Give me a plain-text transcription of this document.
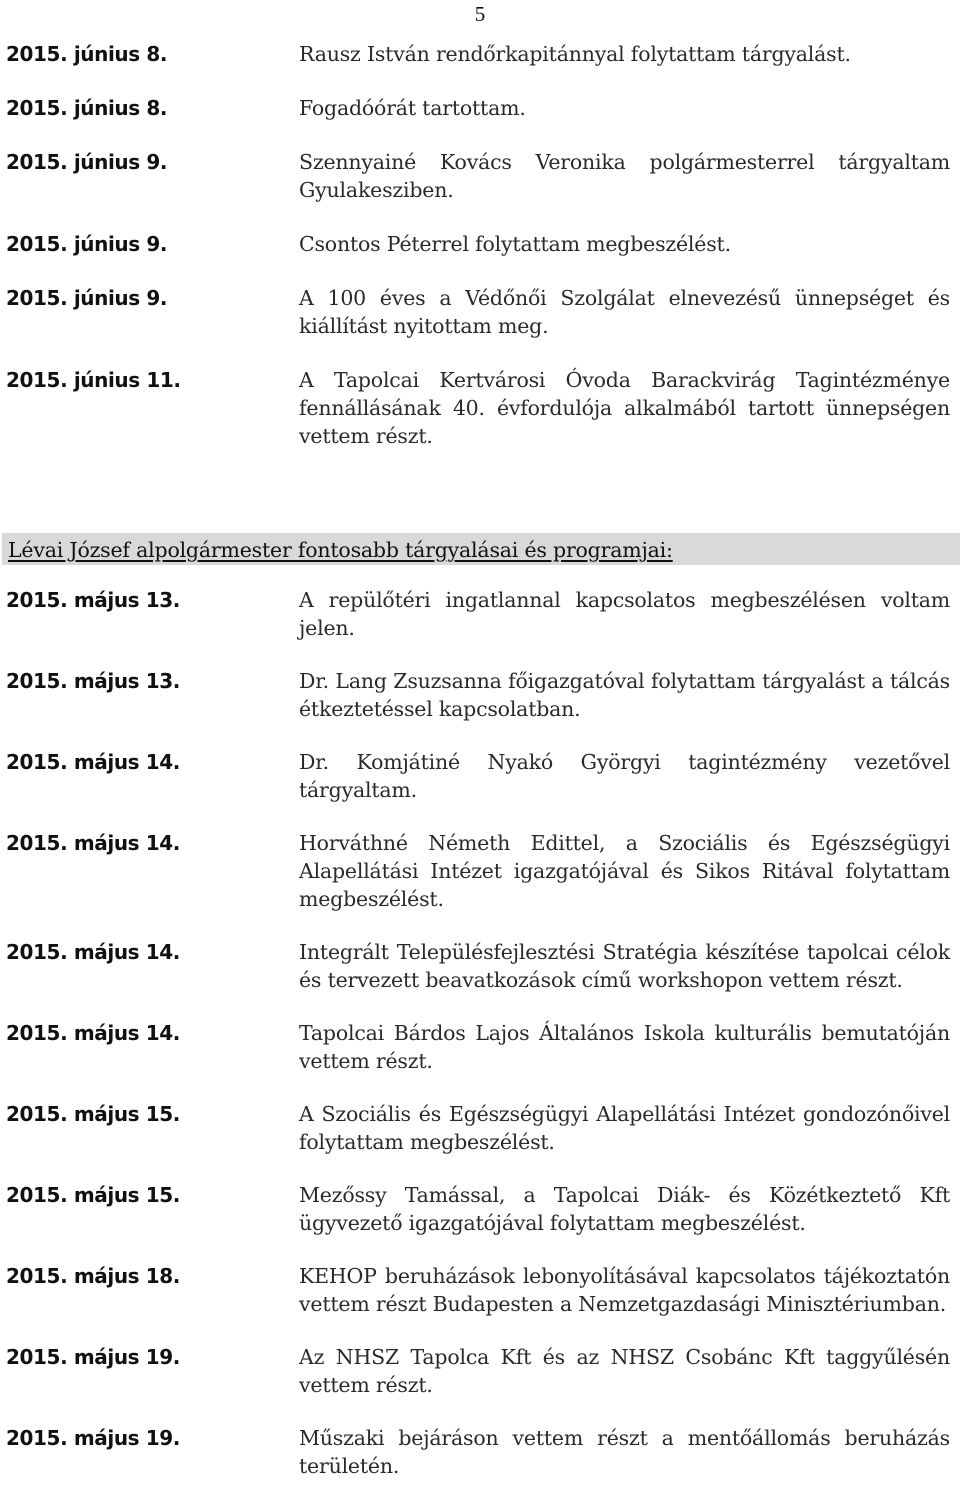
5
2015. június 8.	Rausz István rendőrkapitánnyal folytattam tárgyalást.
2015. június 8.	Fogadóórát tartottam.
2015. június 9.	Szennyainé Kovács Veronika polgármesterrel tárgyaltam Gyulakesziben.
2015. június 9.	Csontos Péterrel folytattam megbeszélést.
2015. június 9.	A 100 éves a Védőnői Szolgálat elnevezésű ünnepséget és kiállítást nyitottam meg.
2015. június 11.	A Tapolcai Kertvárosi Óvoda Barackvirág Tagintézménye fennállásának 40. évfordulója alkalmából tartott ünnepségen vettem részt.
Lévai József alpolgármester fontosabb tárgyalásai és programjai:
2015. május 13.	A repülőtéri ingatlannal kapcsolatos megbeszélésen voltam jelen.
2015. május 13.	Dr. Lang Zsuzsanna főigazgatóval folytattam tárgyalást a tálcás étkeztetéssel kapcsolatban.
2015. május 14.	Dr. Komjátiné Nyakó Györgyi tagintézmény vezetővel tárgyaltam.
2015. május 14.	Horváthné Németh Edittel, a Szociális és Egészségügyi Alapellátási Intézet igazgatójával és Sikos Ritával folytattam megbeszélést.
2015. május 14.	Integrált Településfejlesztési Stratégia készítése tapolcai célok és tervezett beavatkozások című workshopon vettem részt.
2015. május 14.	Tapolcai Bárdos Lajos Általános Iskola kulturális bemutatóján vettem részt.
2015. május 15.	A Szociális és Egészségügyi Alapellátási Intézet gondozónőivel folytattam megbeszélést.
2015. május 15.	Mezőssy Tamással, a Tapolcai Diák- és Közétkeztető Kft ügyvezető igazgatójával folytattam megbeszélést.
2015. május 18.	KEHOP beruházások lebonyolításával kapcsolatos tájékoztatón vettem részt Budapesten a Nemzetgazdasági Minisztériumban.
2015. május 19.	Az NHSZ Tapolca Kft és az NHSZ Csobánc Kft taggyűlésén vettem részt.
2015. május 19.	Műszaki bejáráson vettem részt a mentőállomás beruházás területén.
